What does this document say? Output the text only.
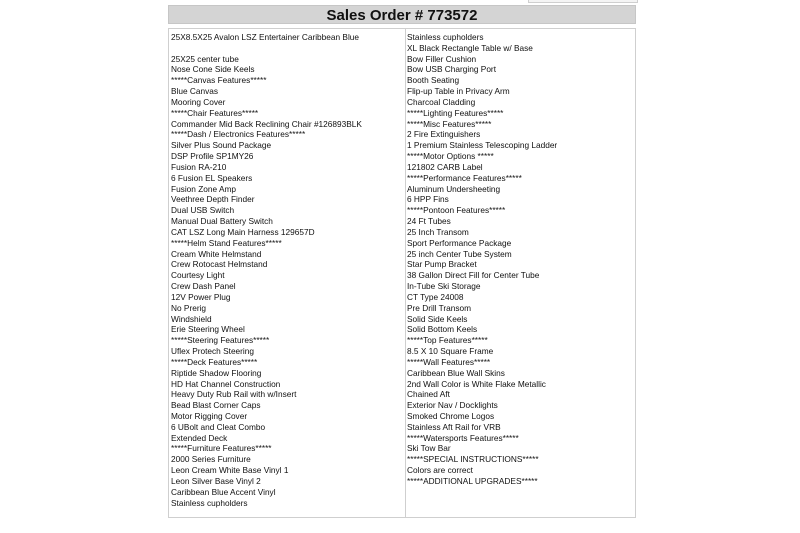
Sales Order # 773572
25X8.5X25 Avalon LSZ Entertainer Caribbean Blue
25X25 center tube
Nose Cone Side Keels
*****Canvas Features*****
Blue Canvas
Mooring Cover
*****Chair Features*****
Commander Mid Back Reclining Chair #126893BLK
*****Dash / Electronics Features*****
Silver Plus Sound Package
DSP Profile SP1MY26
Fusion RA-210
6 Fusion EL Speakers
Fusion Zone Amp
Veethree Depth Finder
Dual USB Switch
Manual Dual Battery Switch
CAT LSZ Long Main Harness 129657D
*****Helm Stand Features*****
Cream White Helmstand
Crew Rotocast Helmstand
Courtesy Light
Crew Dash Panel
12V Power Plug
No Prerig
Windshield
Erie Steering Wheel
*****Steering Features*****
Uflex Protech Steering
*****Deck Features*****
Riptide Shadow Flooring
HD Hat Channel Construction
Heavy Duty Rub Rail with w/Insert
Bead Blast Corner Caps
Motor Rigging Cover
6 UBolt and Cleat Combo
Extended Deck
*****Furniture Features*****
2000 Series Furniture
Leon Cream White Base Vinyl 1
Leon Silver Base Vinyl 2
Caribbean Blue Accent Vinyl
Stainless cupholders
Stainless cupholders
XL Black Rectangle Table w/ Base
Bow Filler Cushion
Bow USB Charging Port
Booth Seating
Flip-up Table in Privacy Arm
Charcoal Cladding
*****Lighting Features*****
*****Misc Features*****
2 Fire Extinguishers
1 Premium Stainless Telescoping Ladder
*****Motor Options *****
121802 CARB Label
*****Performance Features*****
Aluminum Undersheeting
6 HPP Fins
*****Pontoon Features*****
24 Ft Tubes
25 Inch Transom
Sport Performance Package
25 inch Center Tube System
Star Pump Bracket
38 Gallon Direct Fill for Center Tube
In-Tube Ski Storage
CT Type 24008
Pre Drill Transom
Solid Side Keels
Solid Bottom Keels
*****Top Features*****
8.5 X 10 Square Frame
*****Wall Features*****
Caribbean Blue Wall Skins
2nd Wall Color is White Flake Metallic
Chained Aft
Exterior Nav / Docklights
Smoked Chrome Logos
Stainless Aft Rail for VRB
*****Watersports Features*****
Ski Tow Bar
*****SPECIAL INSTRUCTIONS*****
Colors are correct
*****ADDITIONAL UPGRADES*****
